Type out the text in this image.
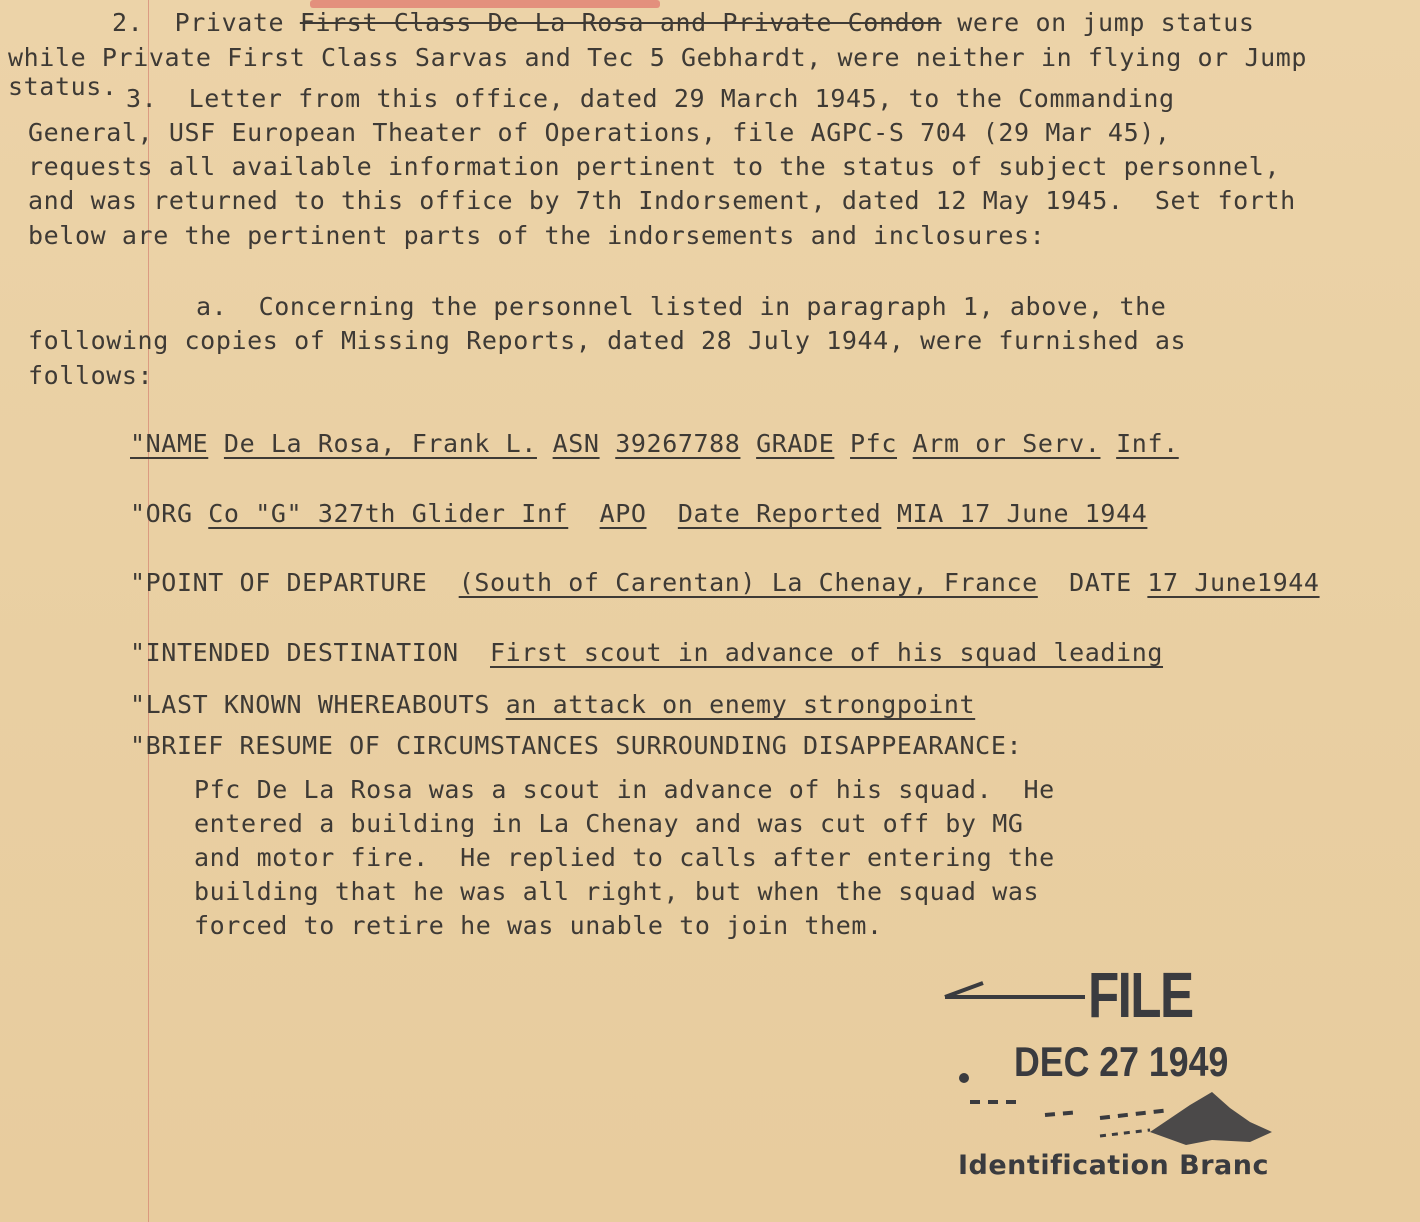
2. Private First Class De La Rosa and Private Condon were on jump status
while Private First Class Sarvas and Tec 5 Gebhardt, were neither in flying or Jump
status. 3. Letter from this office, dated 29 March 1945, to the Commanding
General, USF European Theater of Operations, file AGPC-S 704 (29 Mar 45),
requests all available information pertinent to the status of subject personnel,
and was returned to this office by 7th Indorsement, dated 12 May 1945.  Set forth
below are the pertinent parts of the indorsements and inclosures:
a. Concerning the personnel listed in paragraph 1, above, the
following copies of Missing Reports, dated 28 July 1944, were furnished as
follows:
"NAME De La Rosa, Frank L. ASN 39267788 GRADE Pfc Arm or Serv. Inf.
"ORG Co "G" 327th Glider Inf APO Date Reported MIA 17 June 1944
"POINT OF DEPARTURE (South of Carentan) La Chenay, France DATE 17 June1944
"INTENDED DESTINATION First scout in advance of his squad leading
"LAST KNOWN WHEREABOUTS an attack on enemy strongpoint
"BRIEF RESUME OF CIRCUMSTANCES SURROUNDING DISAPPEARANCE:
Pfc De La Rosa was a scout in advance of his squad.  He
entered a building in La Chenay and was cut off by MG
and motor fire.  He replied to calls after entering the
building that he was all right, but when the squad was
forced to retire he was unable to join them.
FILE
DEC 27 1949
Identification Branc
